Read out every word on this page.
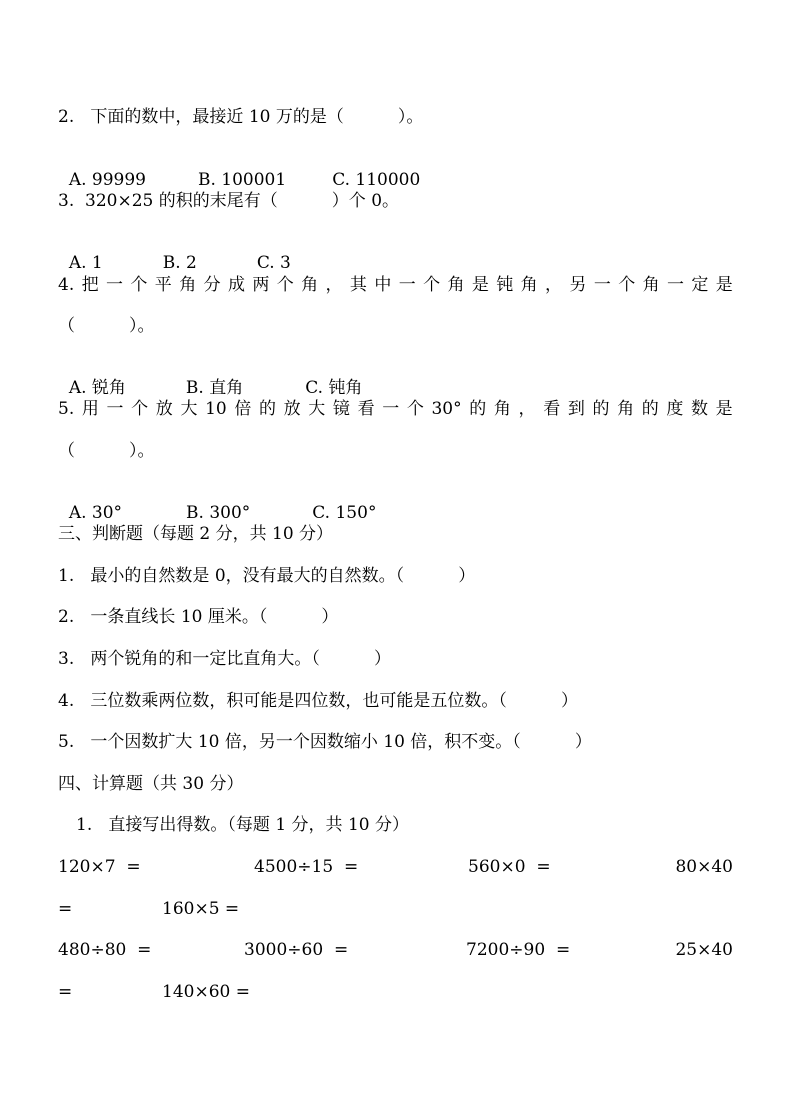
2.   下面的数中，最接近 10 万的是（          ）。

A. 99999	B. 100001	C. 110000

3.  320×25 的积的末尾有（          ）个 0。

A. 1	B. 2	C. 3

4. 把 一 个 平 角 分 成 两 个 角 ， 其 中 一 个 角 是 钝 角 ， 另 一 个 角 一 定 是
（          ）。

A. 锐角	B. 直角	C. 钝角

5. 用 一 个 放 大 10 倍 的 放 大 镜 看 一 个 30° 的 角 ， 看 到 的 角 的 度 数 是
（          ）。

A. 30°	B. 300°	C. 150°

三、判断题（每题 2 分，共 10 分）
1.   最小的自然数是 0，没有最大的自然数。（          ）
2.   一条直线长 10 厘米。（          ）
3.   两个锐角的和一定比直角大。（          ）
4.   三位数乘两位数，积可能是四位数，也可能是五位数。（          ）
5.   一个因数扩大 10 倍，另一个因数缩小 10 倍，积不变。（          ）
四、计算题（共 30 分）
1.   直接写出得数。（每题 1 分，共 10 分）
120×7  =	4500÷15  =	560×0  =	80×40
=	160×5 =
480÷80  =	3000÷60  =	7200÷90  =	25×40
=	140×60 =
